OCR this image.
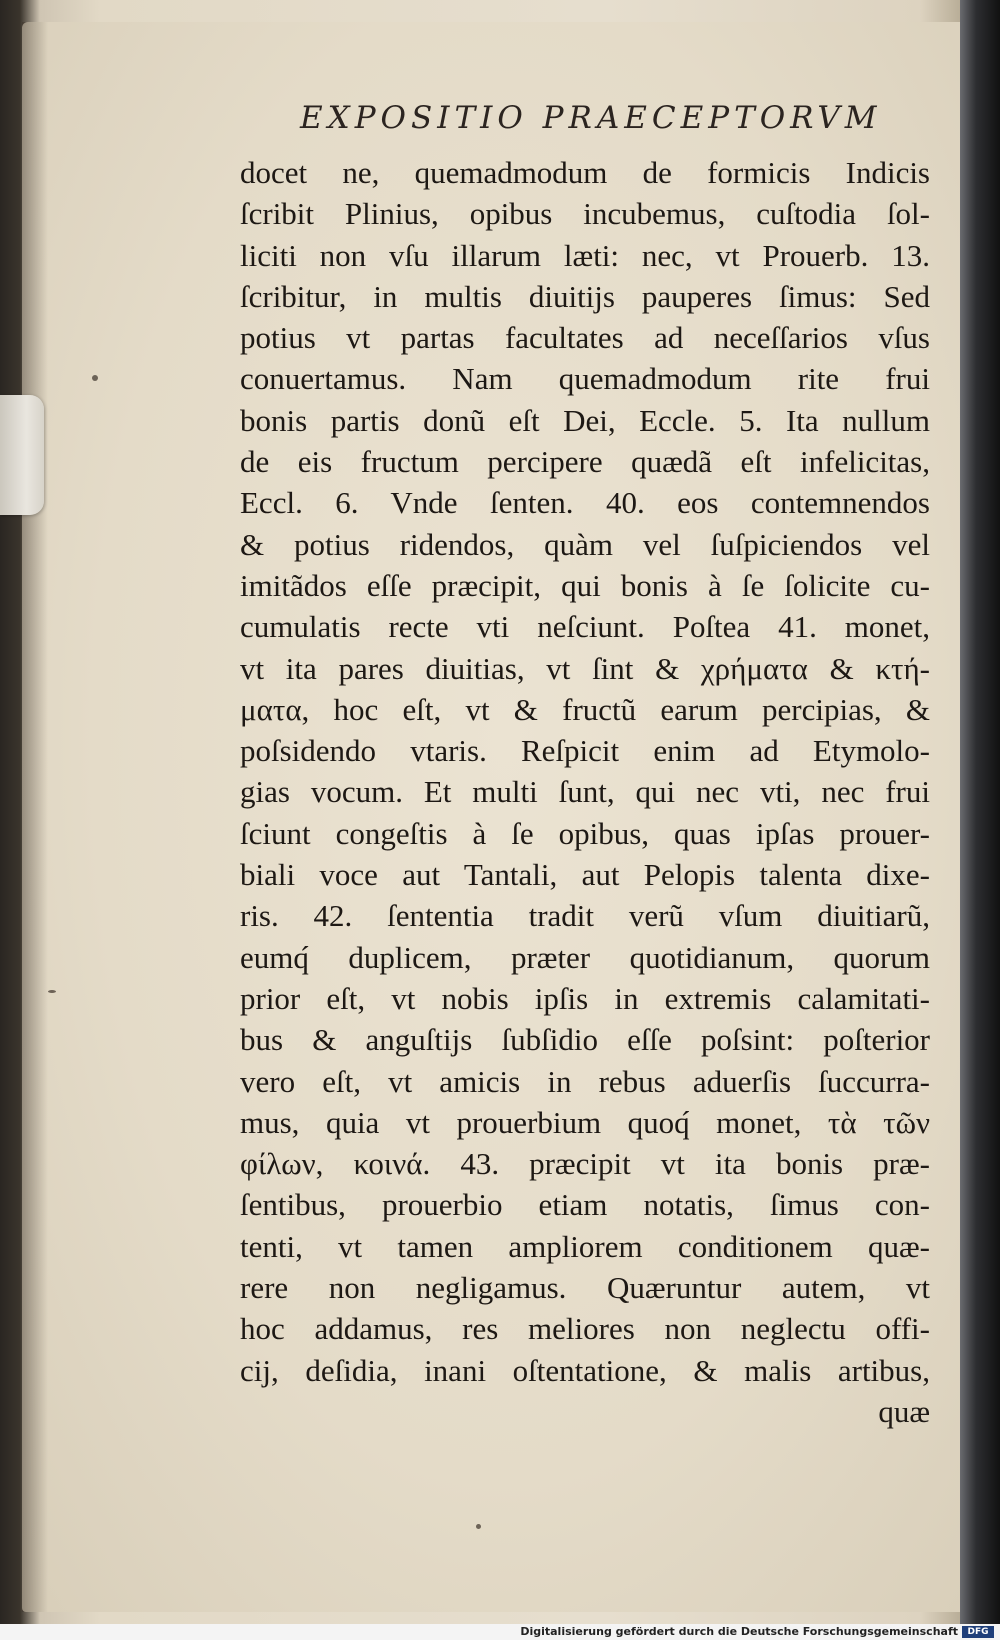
EXPOSITIO PRAECEPTORVM
docet ne, quemadmodum de formicis Indicis
ſcribit Plinius, opibus incubemus, cuſtodia ſol-
liciti non vſu illarum læti: nec, vt Prouerb. 13.
ſcribitur, in multis diuitijs pauperes ſimus: Sed
potius vt partas facultates ad neceſſarios vſus
conuertamus. Nam quemadmodum rite frui
bonis partis donũ eſt Dei, Eccle. 5. Ita nullum
de eis fructum percipere quædã eſt infelicitas,
Eccl. 6. Vnde ſenten. 40. eos contemnendos
& potius ridendos, quàm vel ſuſpiciendos vel
imitãdos eſſe præcipit, qui bonis à ſe ſolicite cu-
cumulatis recte vti neſciunt. Poſtea 41. monet,
vt ita pares diuitias, vt ſint & χρήματα & κτή-
ματα, hoc eſt, vt & fructũ earum percipias, &
poſsidendo vtaris. Reſpicit enim ad Etymolo-
gias vocum. Et multi ſunt, qui nec vti, nec frui
ſciunt congeſtis à ſe opibus, quas ipſas prouer-
biali voce aut Tantali, aut Pelopis talenta dixe-
ris. 42. ſententia tradit verũ vſum diuitiarũ,
eumq́ duplicem, præter quotidianum, quorum
prior eſt, vt nobis ipſis in extremis calamitati-
bus & anguſtijs ſubſidio eſſe poſsint: poſterior
vero eſt, vt amicis in rebus aduerſis ſuccurra-
mus, quia vt prouerbium quoq́ monet, τὰ τῶν
φίλων, κοινά. 43. præcipit vt ita bonis præ-
ſentibus, prouerbio etiam notatis, ſimus con-
tenti, vt tamen ampliorem conditionem quæ-
rere non negligamus. Quæruntur autem, vt
hoc addamus, res meliores non neglectu offi-
cij, deſidia, inani oſtentatione, & malis artibus,
quæ
Digitalisierung gefördert durch die Deutsche Forschungsgemeinschaft	DFG
